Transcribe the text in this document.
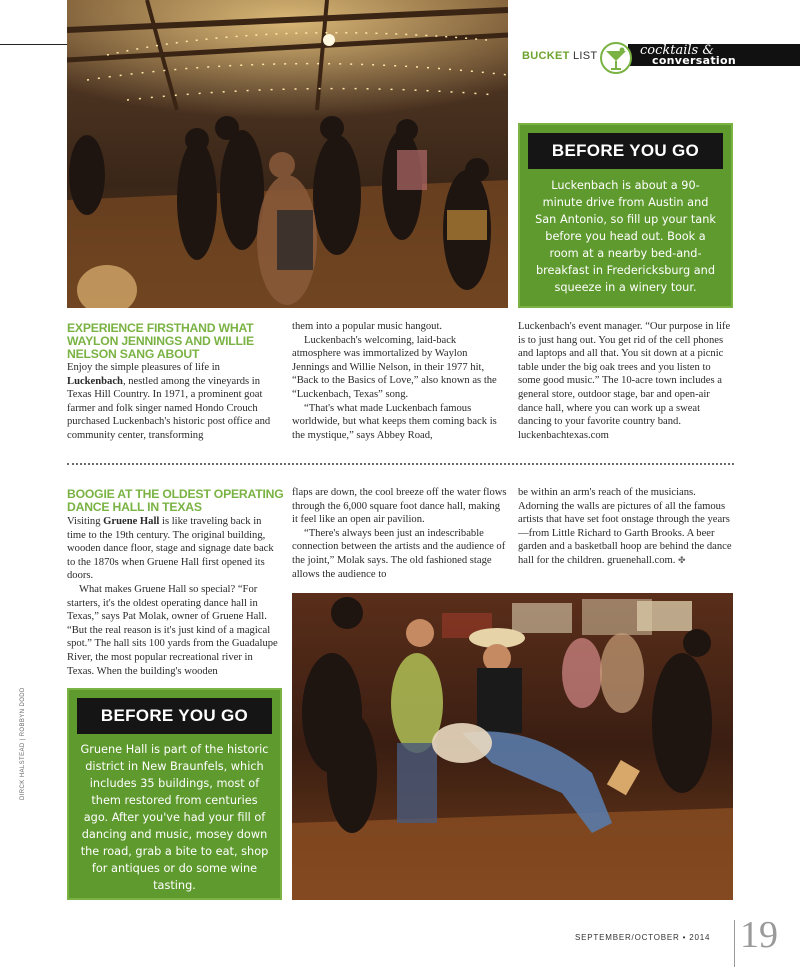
BUCKET LIST	cocktails &
conversation
BEFORE YOU GO
Luckenbach is about a 90-minute drive from Austin and San Antonio, so fill up your tank before you head out. Book a room at a nearby bed-and-breakfast in Fredericksburg and squeeze in a winery tour.
EXPERIENCE FIRSTHAND WHAT WAYLON JENNINGS AND WILLIE NELSON SANG ABOUT

Enjoy the simple pleasures of life in Luckenbach, nestled among the vineyards in Texas Hill Country. In 1971, a prominent goat farmer and folk singer named Hondo Crouch purchased Luckenbach's historic post office and community center, transforming

them into a popular music hangout.

Luckenbach's welcoming, laid-back atmosphere was immortalized by Waylon Jennings and Willie Nelson, in their 1977 hit, “Back to the Basics of Love,” also known as the “Luckenbach, Texas” song.

“That's what made Luckenbach famous worldwide, but what keeps them coming back is the mystique,” says Abbey Road,

Luckenbach's event manager. “Our purpose in life is to just hang out. You get rid of the cell phones and laptops and all that. You sit down at a picnic table under the big oak trees and you listen to some good music.” The 10-acre town includes a general store, outdoor stage, bar and open-air dance hall, where you can work up a sweat dancing to your favorite country band. luckenbachtexas.com

BOOGIE AT THE OLDEST OPERATING DANCE HALL IN TEXAS

Visiting Gruene Hall is like traveling back in time to the 19th century. The original building, wooden dance floor, stage and signage date back to the 1870s when Gruene Hall first opened its doors.

What makes Gruene Hall so special? “For starters, it's the oldest operating dance hall in Texas,” says Pat Molak, owner of Gruene Hall. “But the real reason is it's just kind of a magical spot.” The hall sits 100 yards from the Guadalupe River, the most popular recreational river in Texas. When the building's wooden

flaps are down, the cool breeze off the water flows through the 6,000 square foot dance hall, making it feel like an open air pavilion.

“There's always been just an indescribable connection between the artists and the audience of the joint,” Molak says. The old fashioned stage allows the audience to

be within an arm's reach of the musicians. Adorning the walls are pictures of all the famous artists that have set foot onstage through the years—from Little Richard to Garth Brooks. A beer garden and a basketball hoop are behind the dance hall for the children. gruenehall.com. ✤

BEFORE YOU GO
Gruene Hall is part of the historic district in New Braunfels, which includes 35 buildings, most of them restored from centuries ago. After you've had your fill of dancing and music, mosey down the road, grab a bite to eat, shop for antiques or do some wine tasting.
DIRCK HALSTEAD | ROBBYN DODD
SEPTEMBER/OCTOBER • 2014 19
